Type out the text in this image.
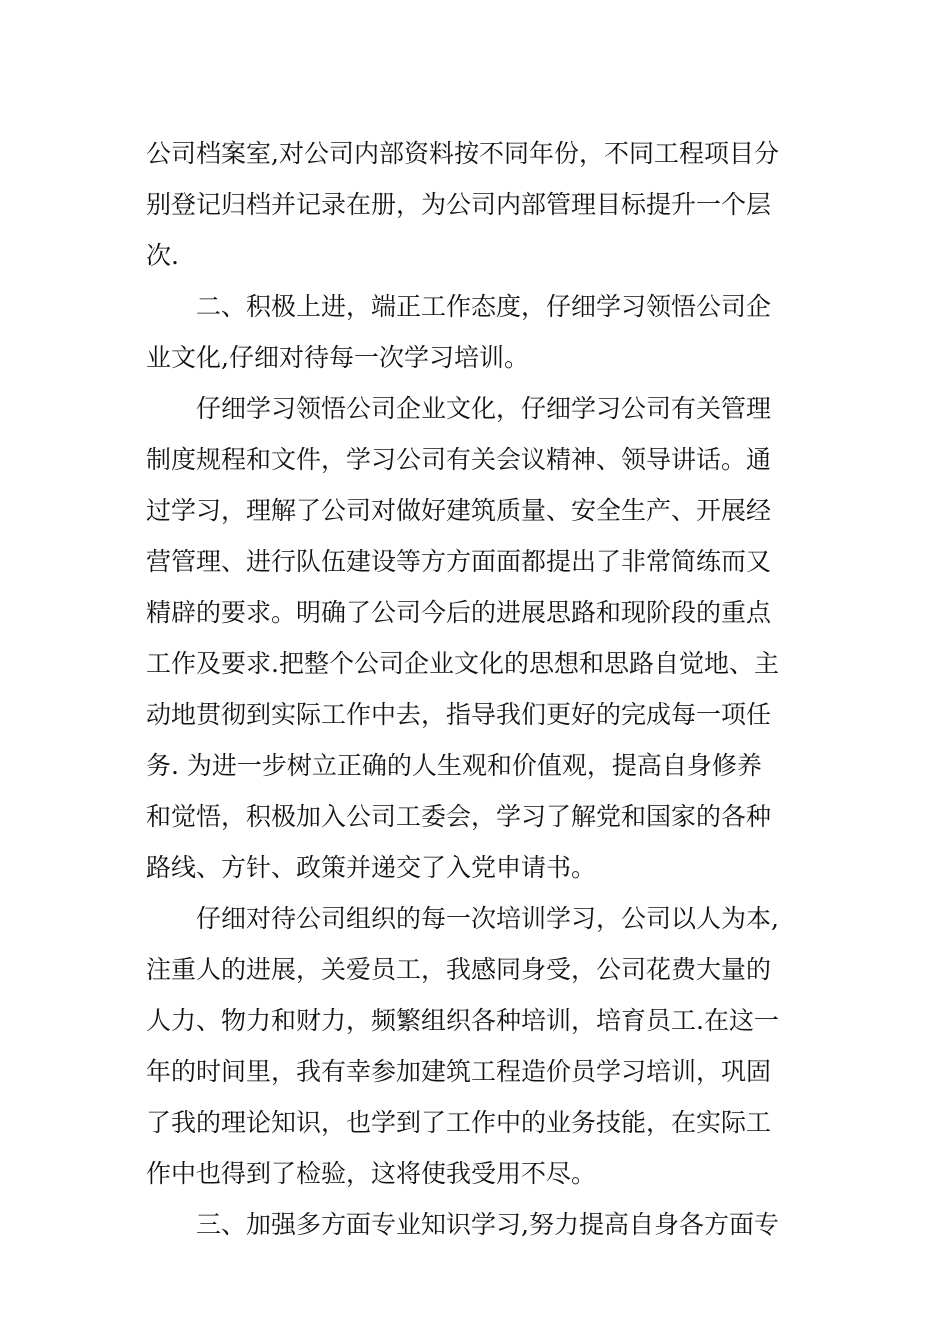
公司档案室,对公司内部资料按不同年份，不同工程项目分
别登记归档并记录在册，为公司内部管理目标提升一个层
次.
　　二、积极上进，端正工作态度，仔细学习领悟公司企
业文化,仔细对待每一次学习培训。
　　仔细学习领悟公司企业文化，仔细学习公司有关管理
制度规程和文件，学习公司有关会议精神、领导讲话。通
过学习，理解了公司对做好建筑质量、安全生产、开展经
营管理、进行队伍建设等方方面面都提出了非常简练而又
精辟的要求。明确了公司今后的进展思路和现阶段的重点
工作及要求.把整个公司企业文化的思想和思路自觉地、主
动地贯彻到实际工作中去，指导我们更好的完成每一项任
务. 为进一步树立正确的人生观和价值观，提高自身修养
和觉悟，积极加入公司工委会，学习了解党和国家的各种
路线、方针、政策并递交了入党申请书。
　　仔细对待公司组织的每一次培训学习，公司以人为本,
注重人的进展，关爱员工，我感同身受，公司花费大量的
人力、物力和财力，频繁组织各种培训，培育员工.在这一
年的时间里，我有幸参加建筑工程造价员学习培训，巩固
了我的理论知识，也学到了工作中的业务技能，在实际工
作中也得到了检验，这将使我受用不尽。
　　三、加强多方面专业知识学习,努力提高自身各方面专
